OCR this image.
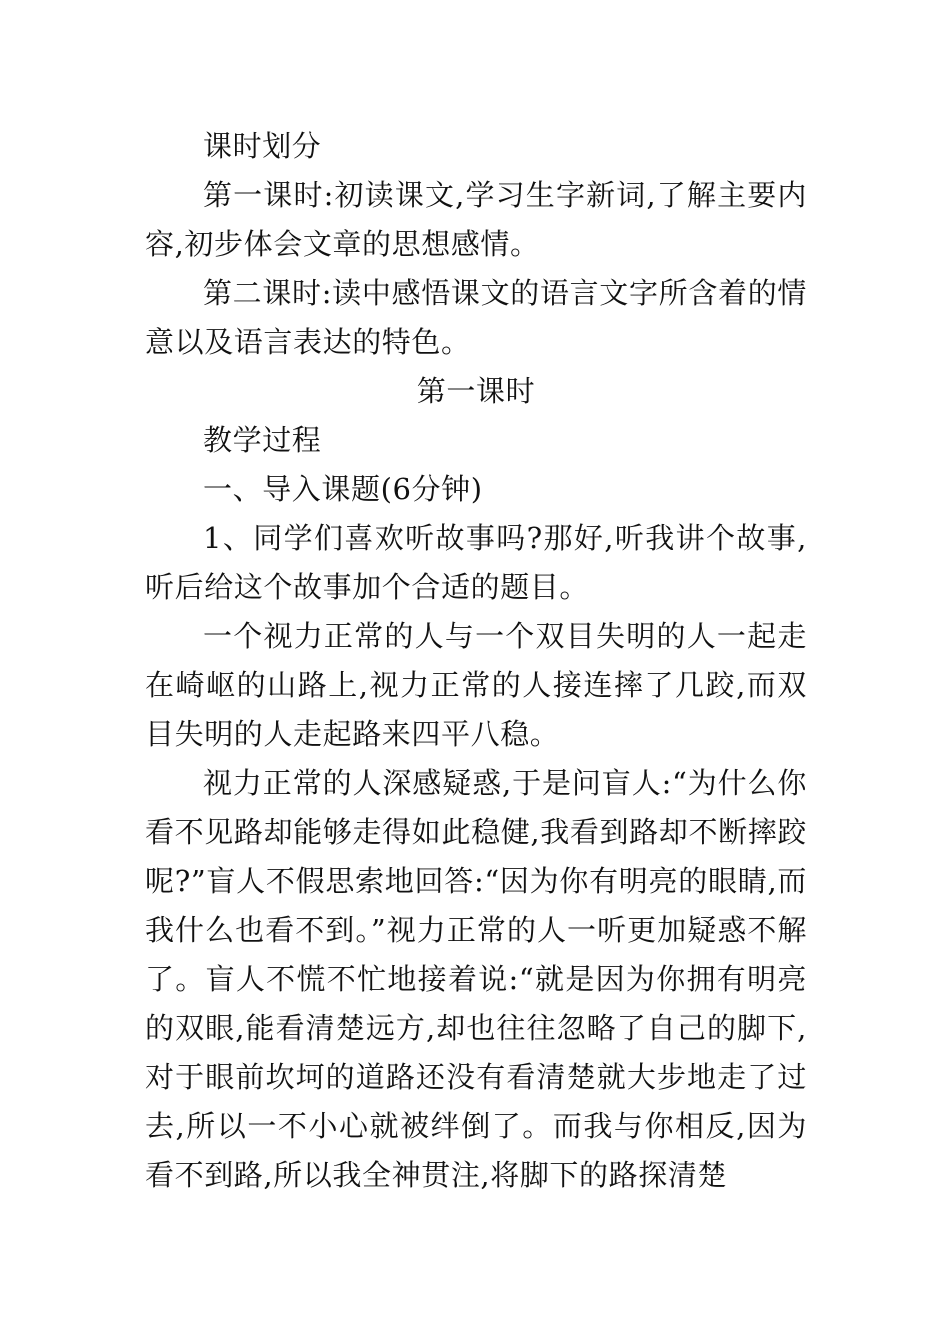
课时划分

第一课时:初读课文,学习生字新词,了解主要内容,初步体会文章的思想感情。

第二课时:读中感悟课文的语言文字所含着的情意以及语言表达的特色。

第一课时

教学过程

一、导入课题(6分钟)

1、同学们喜欢听故事吗?那好,听我讲个故事,听后给这个故事加个合适的题目。

一个视力正常的人与一个双目失明的人一起走在崎岖的山路上,视力正常的人接连摔了几跤,而双目失明的人走起路来四平八稳。

视力正常的人深感疑惑,于是问盲人:“为什么你看不见路却能够走得如此稳健,我看到路却不断摔跤呢?”盲人不假思索地回答:“因为你有明亮的眼睛,而我什么也看不到。”视力正常的人一听更加疑惑不解了。盲人不慌不忙地接着说:“就是因为你拥有明亮的双眼,能看清楚远方,却也往往忽略了自己的脚下,对于眼前坎坷的道路还没有看清楚就大步地走了过去,所以一不小心就被绊倒了。而我与你相反,因为看不到路,所以我全神贯注,将脚下的路探清楚
